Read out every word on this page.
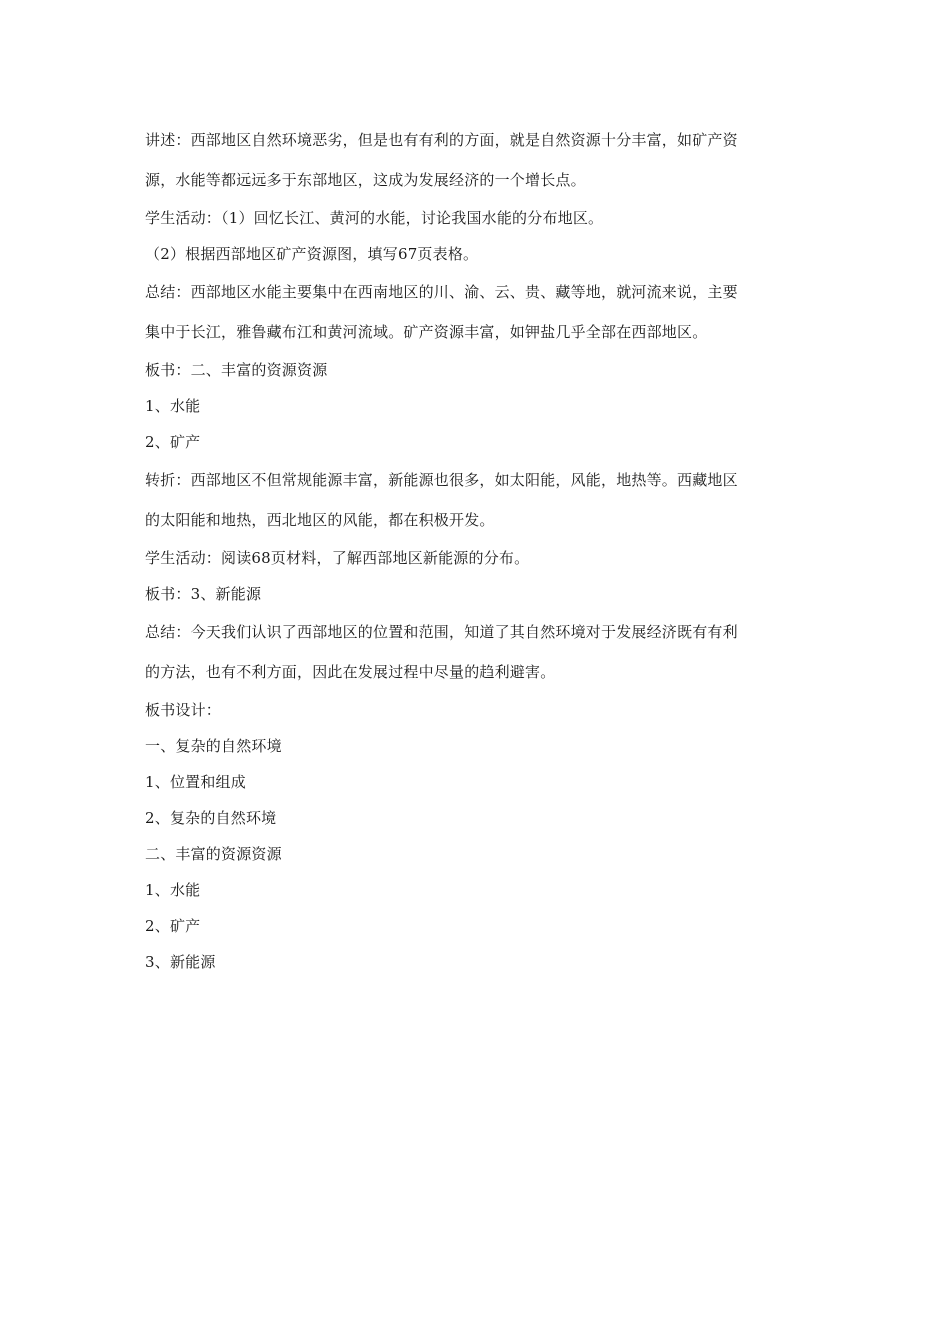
讲述：西部地区自然环境恶劣，但是也有有利的方面，就是自然资源十分丰富，如矿产资
源，水能等都远远多于东部地区，这成为发展经济的一个增长点。
学生活动：（1）回忆长江、黄河的水能，讨论我国水能的分布地区。
（2）根据西部地区矿产资源图，填写67页表格。
总结：西部地区水能主要集中在西南地区的川、渝、云、贵、藏等地，就河流来说，主要
集中于长江，雅鲁藏布江和黄河流域。矿产资源丰富，如钾盐几乎全部在西部地区。
板书：二、丰富的资源资源
1、水能
2、矿产
转折：西部地区不但常规能源丰富，新能源也很多，如太阳能，风能，地热等。西藏地区
的太阳能和地热，西北地区的风能，都在积极开发。
学生活动：阅读68页材料，了解西部地区新能源的分布。
板书：3、新能源
总结：今天我们认识了西部地区的位置和范围，知道了其自然环境对于发展经济既有有利
的方法，也有不利方面，因此在发展过程中尽量的趋利避害。
板书设计：
一、复杂的自然环境
1、位置和组成
2、复杂的自然环境
二、丰富的资源资源
1、水能
2、矿产
3、新能源
